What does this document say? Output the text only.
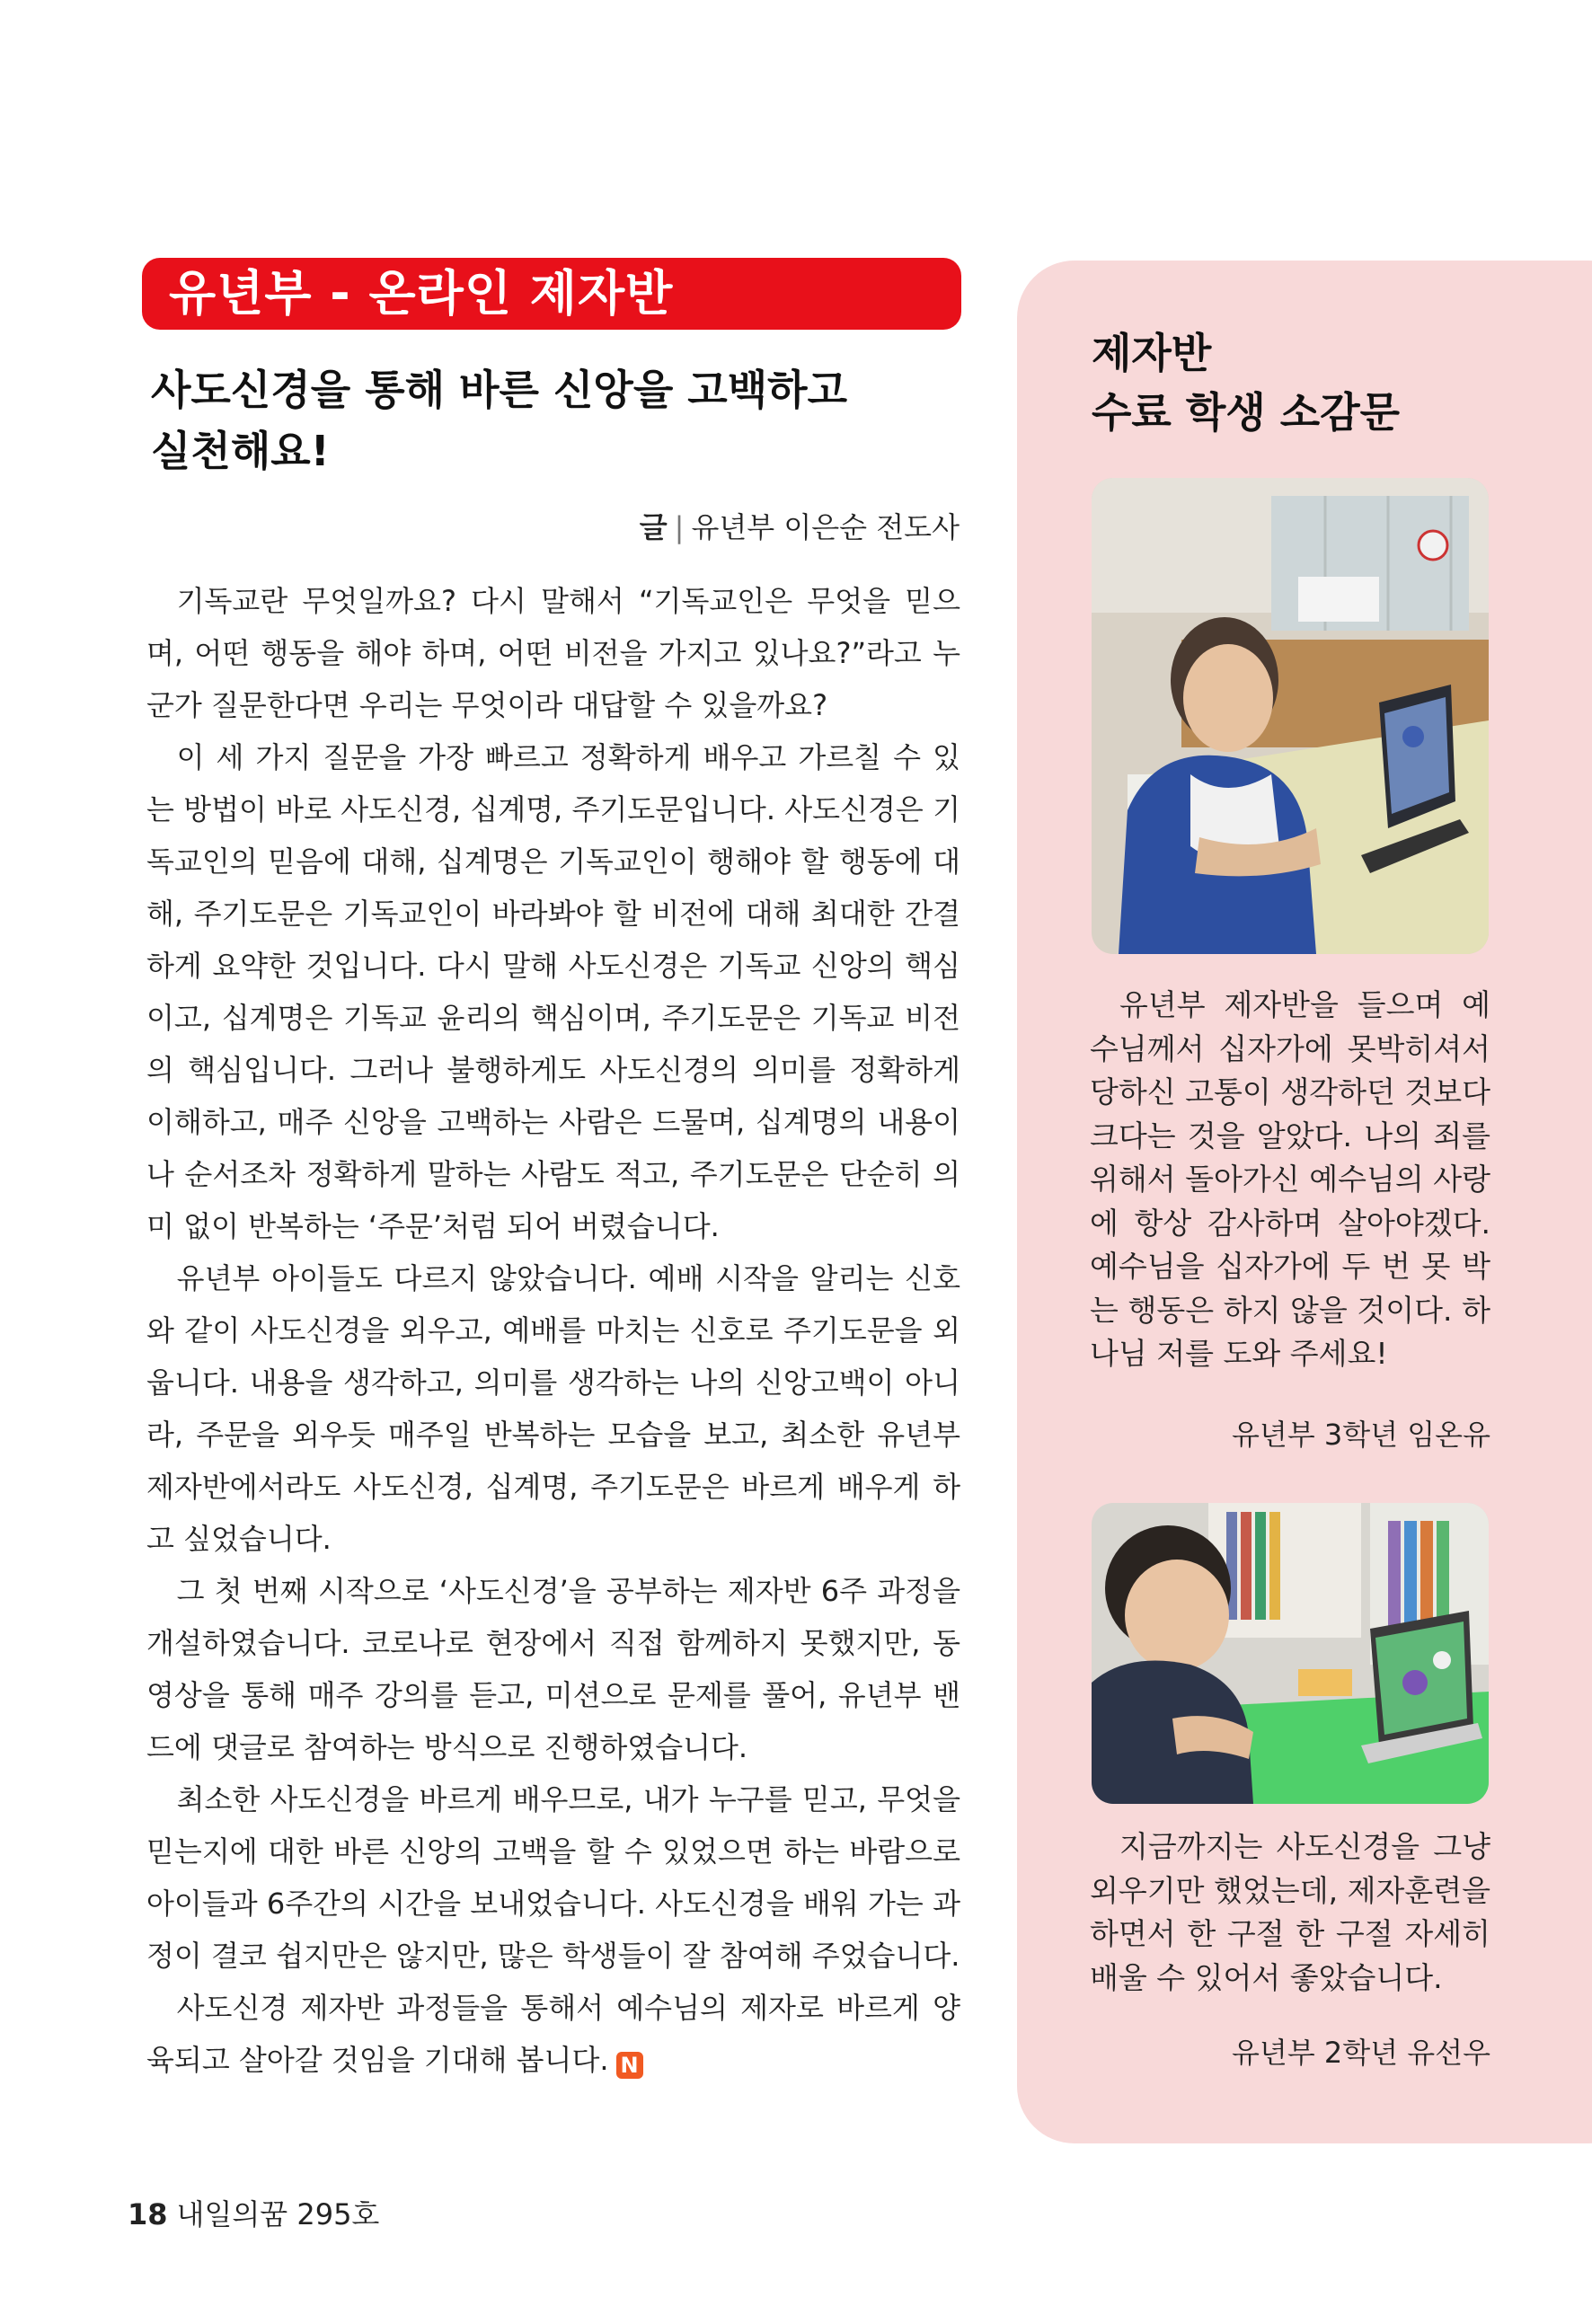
유년부 - 온라인 제자반
사도신경을 통해 바른 신앙을 고백하고
실천해요!
글 | 유년부 이은순 전도사

기독교란 무엇일까요? 다시 말해서 “기독교인은 무엇을 믿으며, 어떤 행동을 해야 하며, 어떤 비전을 가지고 있나요?”라고 누군가 질문한다면 우리는 무엇이라 대답할 수 있을까요?

이 세 가지 질문을 가장 빠르고 정확하게 배우고 가르칠 수 있는 방법이 바로 사도신경, 십계명, 주기도문입니다. 사도신경은 기독교인의 믿음에 대해, 십계명은 기독교인이 행해야 할 행동에 대해, 주기도문은 기독교인이 바라봐야 할 비전에 대해 최대한 간결하게 요약한 것입니다. 다시 말해 사도신경은 기독교 신앙의 핵심이고, 십계명은 기독교 윤리의 핵심이며, 주기도문은 기독교 비전의 핵심입니다. 그러나 불행하게도 사도신경의 의미를 정확하게 이해하고, 매주 신앙을 고백하는 사람은 드물며, 십계명의 내용이나 순서조차 정확하게 말하는 사람도 적고, 주기도문은 단순히 의미 없이 반복하는 ‘주문’처럼 되어 버렸습니다.

유년부 아이들도 다르지 않았습니다. 예배 시작을 알리는 신호와 같이 사도신경을 외우고, 예배를 마치는 신호로 주기도문을 외웁니다. 내용을 생각하고, 의미를 생각하는 나의 신앙고백이 아니라, 주문을 외우듯 매주일 반복하는 모습을 보고, 최소한 유년부 제자반에서라도 사도신경, 십계명, 주기도문은 바르게 배우게 하고 싶었습니다.

그 첫 번째 시작으로 ‘사도신경’을 공부하는 제자반 6주 과정을 개설하였습니다. 코로나로 현장에서 직접 함께하지 못했지만, 동영상을 통해 매주 강의를 듣고, 미션으로 문제를 풀어, 유년부 밴드에 댓글로 참여하는 방식으로 진행하였습니다.

최소한 사도신경을 바르게 배우므로, 내가 누구를 믿고, 무엇을 믿는지에 대한 바른 신앙의 고백을 할 수 있었으면 하는 바람으로 아이들과 6주간의 시간을 보내었습니다. 사도신경을 배워 가는 과정이 결코 쉽지만은 않지만, 많은 학생들이 잘 참여해 주었습니다.

사도신경 제자반 과정들을 통해서 예수님의 제자로 바르게 양육되고 살아갈 것임을 기대해 봅니다. N

제자반
수료 학생 소감문

유년부 제자반을 들으며 예수님께서 십자가에 못박히셔서 당하신 고통이 생각하던 것보다 크다는 것을 알았다. 나의 죄를 위해서 돌아가신 예수님의 사랑에 항상 감사하며 살아야겠다. 예수님을 십자가에 두 번 못 박는 행동은 하지 않을 것이다. 하나님 저를 도와 주세요!

유년부 3학년 임온유

지금까지는 사도신경을 그냥 외우기만 했었는데, 제자훈련을 하면서 한 구절 한 구절 자세히 배울 수 있어서 좋았습니다.

유년부 2학년 유선우
18 내일의꿈 295호
